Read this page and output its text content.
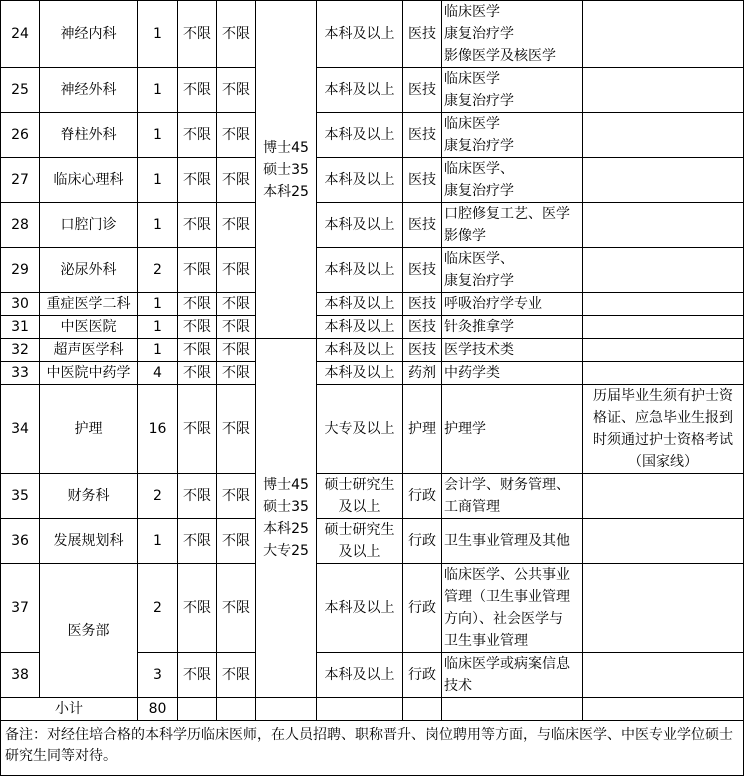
24	神经内科	1	不限	不限	博士45
硕士35
本科25	本科及以上	医技	临床医学
康复治疗学
影像医学及核医学	

25	神经外科	1	不限	不限		本科及以上	医技	临床医学
康复治疗学	

26	脊柱外科	1	不限	不限		本科及以上	医技	临床医学
康复治疗学	

27	临床心理科	1	不限	不限		本科及以上	医技	临床医学、
康复治疗学	

28	口腔门诊	1	不限	不限		本科及以上	医技	口腔修复工艺、医学
影像学	

29	泌尿外科	2	不限	不限		本科及以上	医技	临床医学、
康复治疗学	

30	重症医学二科	1	不限	不限		本科及以上	医技	呼吸治疗学专业	

31	中医医院	1	不限	不限		本科及以上	医技	针灸推拿学	

32	超声医学科	1	不限	不限	博士45
硕士35
本科25
大专25	本科及以上	医技	医学技术类	

33	中医院中药学	4	不限	不限		本科及以上	药剂	中药学类	

34	护理	16	不限	不限		大专及以上	护理	护理学	历届毕业生须有护士资
格证、应急毕业生报到
时须通过护士资格考试
（国家线）

35	财务科	2	不限	不限		硕士研究生
及以上	行政	会计学、财务管理、
工商管理	

36	发展规划科	1	不限	不限		硕士研究生
及以上	行政	卫生事业管理及其他	

37	医务部	2	不限	不限		本科及以上	行政	临床医学、公共事业
管理（卫生事业管理
方向）、社会医学与
卫生事业管理	

38		3	不限	不限		本科及以上	行政	临床医学或病案信息
技术	

小计		80							
备注：对经住培合格的本科学历临床医师，在人员招聘、职称晋升、岗位聘用等方面，与临床医学、中医专业学位硕士研究生同等对待。									
